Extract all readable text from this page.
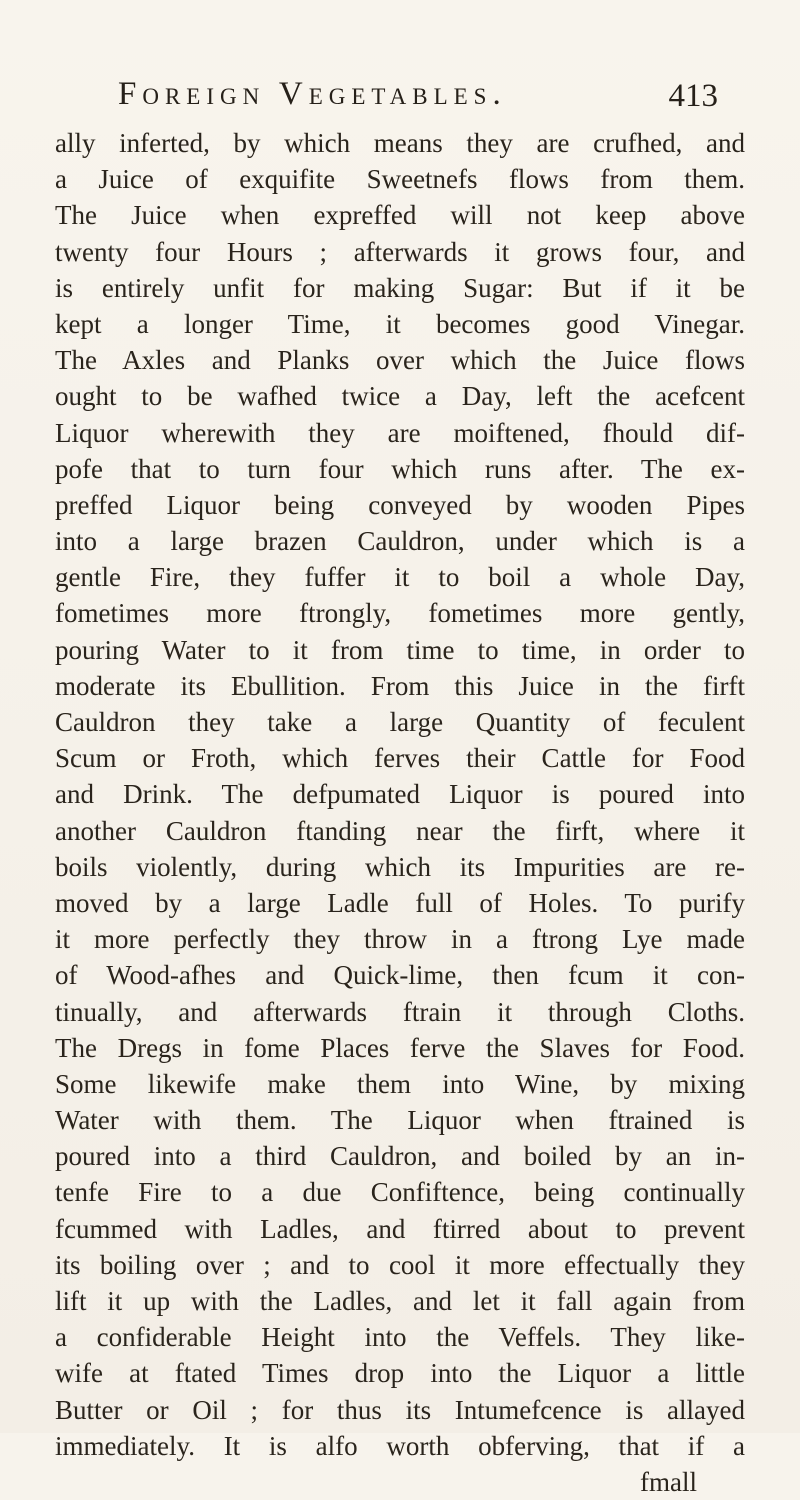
Foreign Vegetables.	413
ally inferted, by which means they are crufhed, and
a Juice of exquifite Sweetnefs flows from them.
The Juice when expreffed will not keep above
twenty four Hours ; afterwards it grows four, and
is entirely unfit for making Sugar: But if it be
kept a longer Time, it becomes good Vinegar.
The Axles and Planks over which the Juice flows
ought to be wafhed twice a Day, left the acefcent
Liquor wherewith they are moiftened, fhould dif-
pofe that to turn four which runs after. The ex-
preffed Liquor being conveyed by wooden Pipes
into a large brazen Cauldron, under which is a
gentle Fire, they fuffer it to boil a whole Day,
fometimes more ftrongly, fometimes more gently,
pouring Water to it from time to time, in order to
moderate its Ebullition. From this Juice in the firft
Cauldron they take a large Quantity of feculent
Scum or Froth, which ferves their Cattle for Food
and Drink. The defpumated Liquor is poured into
another Cauldron ftanding near the firft, where it
boils violently, during which its Impurities are re-
moved by a large Ladle full of Holes. To purify
it more perfectly they throw in a ftrong Lye made
of Wood-afhes and Quick-lime, then fcum it con-
tinually, and afterwards ftrain it through Cloths.
The Dregs in fome Places ferve the Slaves for Food.
Some likewife make them into Wine, by mixing
Water with them. The Liquor when ftrained is
poured into a third Cauldron, and boiled by an in-
tenfe Fire to a due Confiftence, being continually
fcummed with Ladles, and ftirred about to prevent
its boiling over ; and to cool it more effectually they
lift it up with the Ladles, and let it fall again from
a confiderable Height into the Veffels. They like-
wife at ftated Times drop into the Liquor a little
Butter or Oil ; for thus its Intumefcence is allayed
immediately. It is alfo worth obferving, that if a
fmall
